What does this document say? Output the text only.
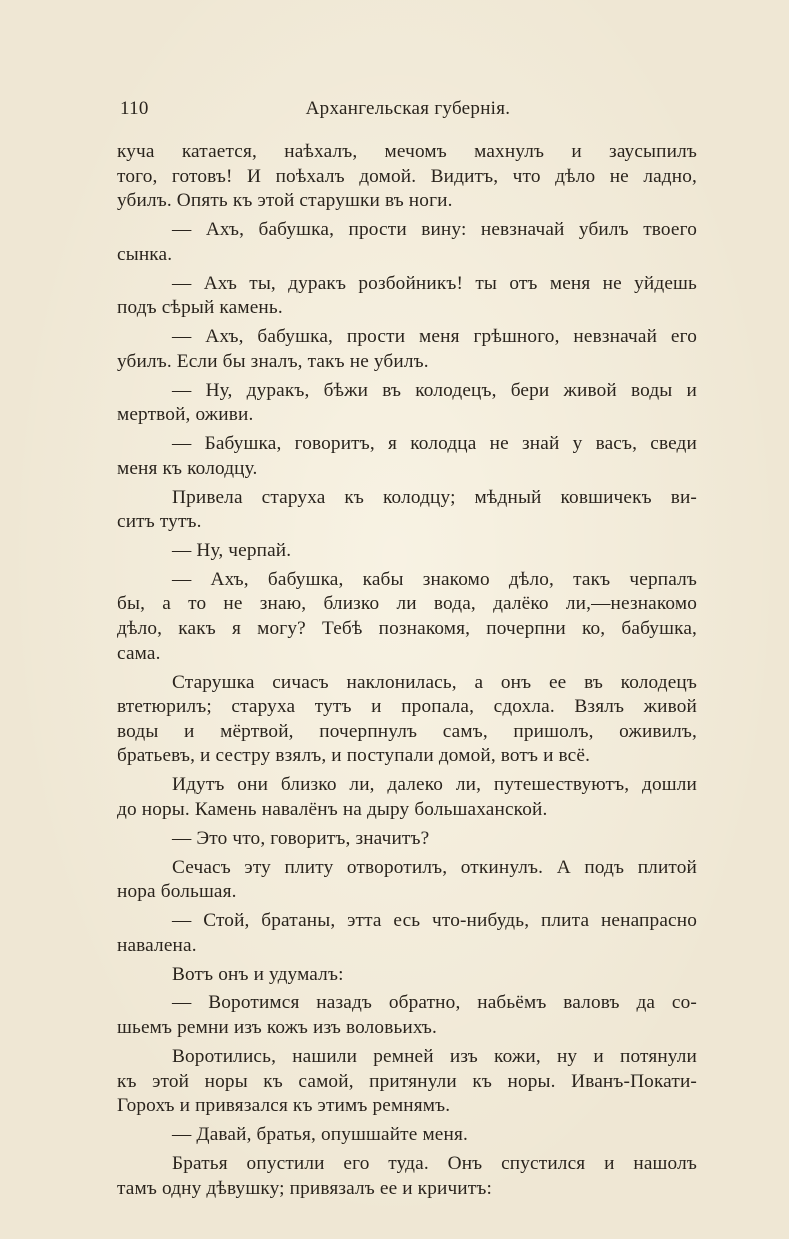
110	Архангельская губернія.
куча катается, наѣхалъ, мечомъ махнулъ и заусыпилъ
того, готовъ! И поѣхалъ домой. Видитъ, что дѣло не ладно,
убилъ. Опять къ этой старушки въ ноги.
— Ахъ, бабушка, прости вину: невзначай убилъ твоего
сынка.
— Ахъ ты, дуракъ розбойникъ! ты отъ меня не уйдешь
подъ сѣрый камень.
— Ахъ, бабушка, прости меня грѣшного, невзначай его
убилъ. Если бы зналъ, такъ не убилъ.
— Ну, дуракъ, бѣжи въ колодецъ, бери живой воды и
мертвой, оживи.
— Бабушка, говоритъ, я колодца не знай у васъ, сведи
меня къ колодцу.
Привела старуха къ колодцу; мѣдный ковшичекъ ви-
ситъ тутъ.
— Ну, черпай.
— Ахъ, бабушка, кабы знакомо дѣло, такъ черпалъ
бы, а то не знаю, близко ли вода, далёко ли,—незнакомо
дѣло, какъ я могу? Тебѣ познакомя, почерпни ко, бабушка,
сама.
Старушка сичасъ наклонилась, а онъ ее въ колодецъ
втетюрилъ; старуха тутъ и пропала, сдохла. Взялъ живой
воды и мёртвой, почерпнулъ самъ, пришолъ, оживилъ,
братьевъ, и сестру взялъ, и поступали домой, вотъ и всё.
Идутъ они близко ли, далеко ли, путешествуютъ, дошли
до норы. Камень навалёнъ на дыру большаханской.
— Это что, говоритъ, значитъ?
Сечасъ эту плиту отворотилъ, откинулъ. А подъ плитой
нора большая.
— Стой, братаны, этта есь что-нибудь, плита ненапрасно
навалена.
Вотъ онъ и удумалъ:
— Воротимся назадъ обратно, набьёмъ валовъ да со-
шьемъ ремни изъ кожъ изъ воловьихъ.
Воротились, нашили ремней изъ кожи, ну и потянули
къ этой норы къ самой, притянули къ норы. Иванъ-Покати-
Горохъ и привязался къ этимъ ремнямъ.
— Давай, братья, опушшайте меня.
Братья опустили его туда. Онъ спустился и нашолъ
тамъ одну дѣвушку; привязалъ ее и кричитъ:
